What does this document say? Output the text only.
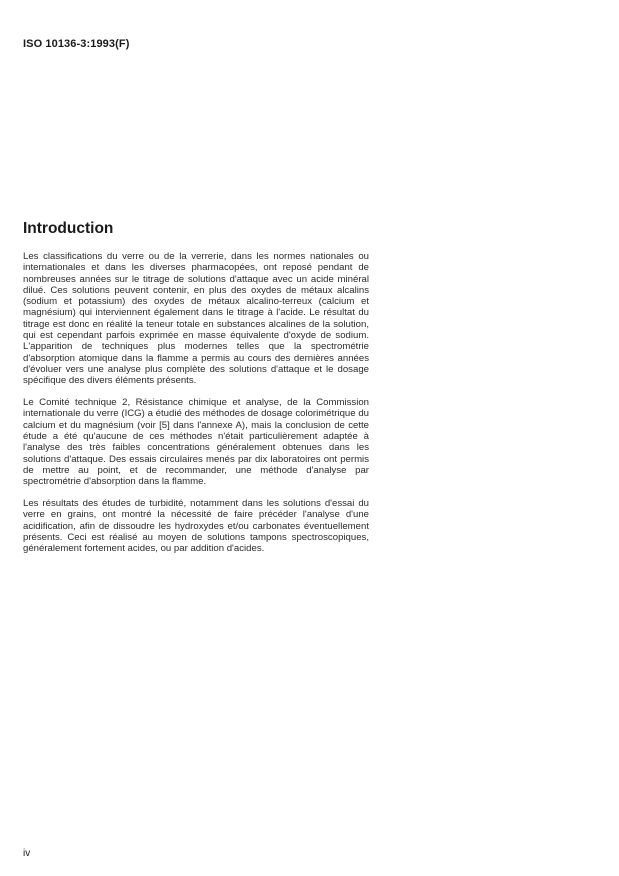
ISO 10136-3:1993(F)
Introduction

Les classifications du verre ou de la verrerie, dans les normes nationales ou internationales et dans les diverses pharmacopées, ont reposé pendant de nombreuses années sur le titrage de solutions d'attaque avec un acide minéral dilué. Ces solutions peuvent contenir, en plus des oxydes de métaux alcalins (sodium et potassium) des oxydes de métaux alcalino-terreux (calcium et magnésium) qui interviennent également dans le titrage à l'acide. Le résultat du titrage est donc en réalité la teneur totale en substances alcalines de la solution, qui est cependant parfois exprimée en masse équivalente d'oxyde de sodium. L'apparition de techniques plus modernes telles que la spectrométrie d'absorption atomique dans la flamme a permis au cours des dernières années d'évoluer vers une analyse plus complète des solutions d'attaque et le dosage spécifique des divers éléments présents.

Le Comité technique 2, Résistance chimique et analyse, de la Commission internationale du verre (ICG) a étudié des méthodes de dosage colorimétrique du calcium et du magnésium (voir [5] dans l'annexe A), mais la conclusion de cette étude a été qu'aucune de ces méthodes n'était particulièrement adaptée à l'analyse des très faibles concentrations généralement obtenues dans les solutions d'attaque. Des essais circulaires menés par dix laboratoires ont permis de mettre au point, et de recommander, une méthode d'analyse par spectrométrie d'absorption dans la flamme.

Les résultats des études de turbidité, notamment dans les solutions d'essai du verre en grains, ont montré la nécessité de faire précéder l'analyse d'une acidification, afin de dissoudre les hydroxydes et/ou carbonates éventuellement présents. Ceci est réalisé au moyen de solutions tampons spectroscopiques, généralement fortement acides, ou par addition d'acides.

iv
